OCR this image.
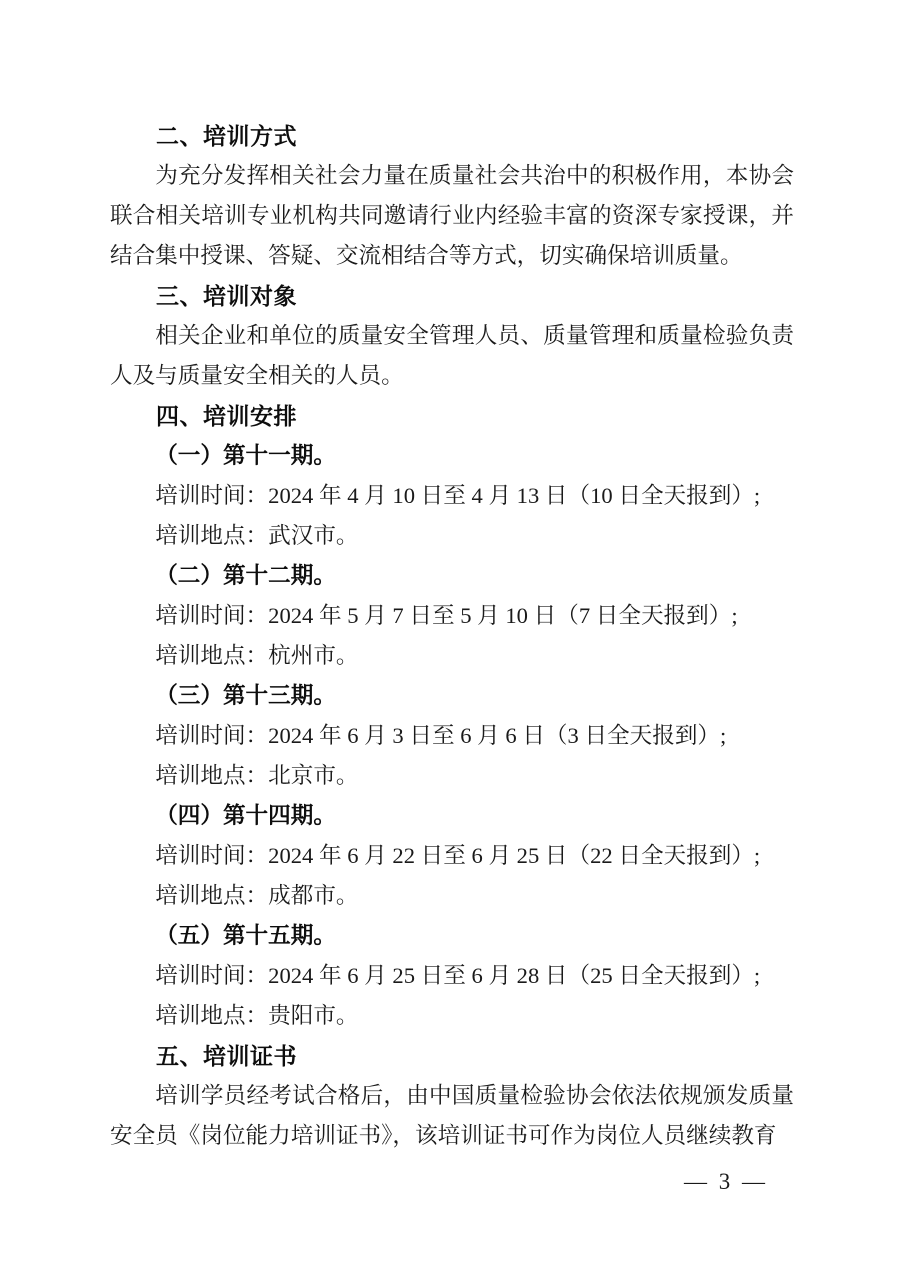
二、培训方式

为充分发挥相关社会力量在质量社会共治中的积极作用，本协会联合相关培训专业机构共同邀请行业内经验丰富的资深专家授课，并结合集中授课、答疑、交流相结合等方式，切实确保培训质量。

三、培训对象

相关企业和单位的质量安全管理人员、质量管理和质量检验负责人及与质量安全相关的人员。

四、培训安排

（一）第十一期。

培训时间：2024 年 4 月 10 日至 4 月 13 日（10 日全天报到）;

培训地点：武汉市。

（二）第十二期。

培训时间：2024 年 5 月 7 日至 5 月 10 日（7 日全天报到）;

培训地点：杭州市。

（三）第十三期。

培训时间：2024 年 6 月 3 日至 6 月 6 日（3 日全天报到）;

培训地点：北京市。

（四）第十四期。

培训时间：2024 年 6 月 22 日至 6 月 25 日（22 日全天报到）;

培训地点：成都市。

（五）第十五期。

培训时间：2024 年 6 月 25 日至 6 月 28 日（25 日全天报到）;

培训地点：贵阳市。

五、培训证书

培训学员经考试合格后，由中国质量检验协会依法依规颁发质量安全员《岗位能力培训证书》，该培训证书可作为岗位人员继续教育

— 3 —
